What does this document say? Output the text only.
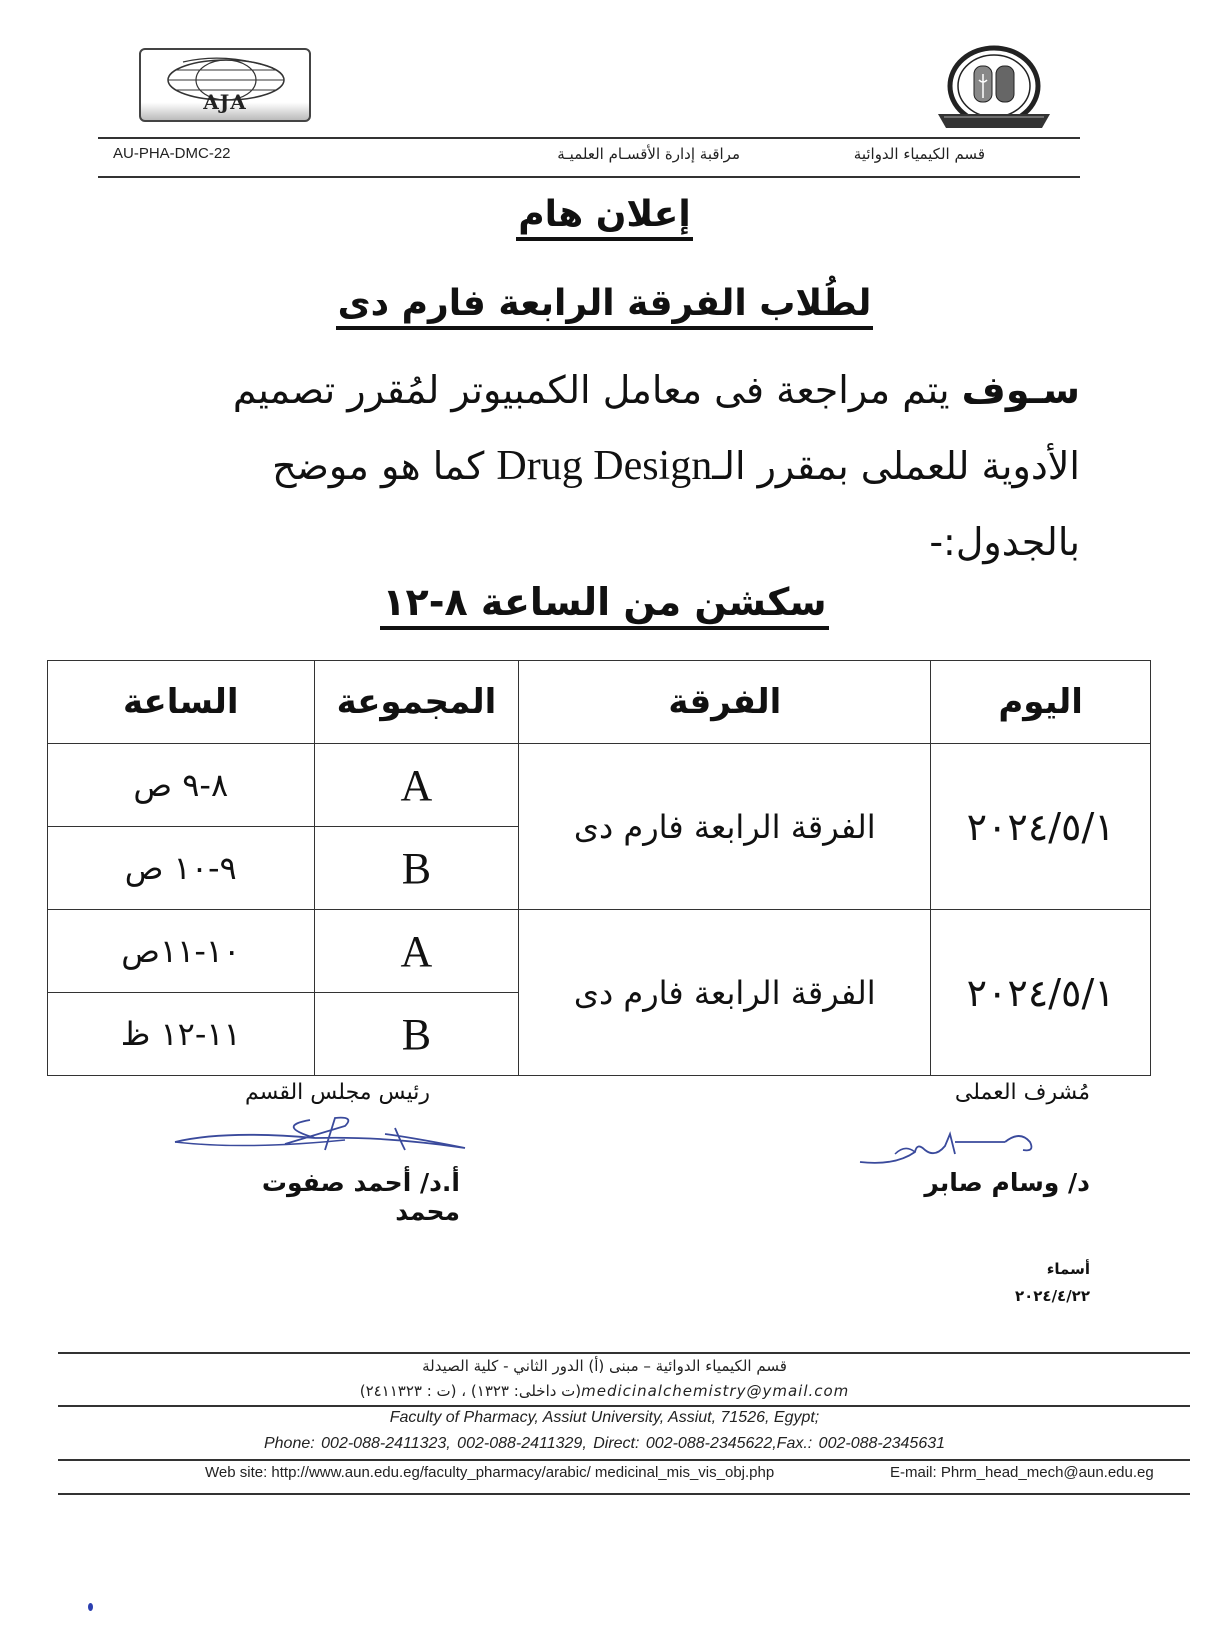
AJA
AU-PHA-DMC-22	مراقبة إدارة الأقسـام العلميـة	قسم الكيمياء الدوائية
إعلان هام
لطُلاب الفرقة الرابعة فارم دى
سـوف يتم مراجعة فى معامل الكمبيوتر لمُقرر تصميم
الأدوية للعملى بمقرر الـDrug Design كما هو موضح
بالجدول:-
سكشن من الساعة ٨-١٢
اليوم	الفرقة	المجموعة	الساعة
٢٠٢٤/٥/١	الفرقة الرابعة فارم دى	A	٨-٩ ص
		B	٩-١٠ ص
٢٠٢٤/٥/١	الفرقة الرابعة فارم دى	A	١٠-١١ص
		B	١١-١٢ ظ
مُشرف العملى
رئيس مجلس القسم
د/ وسام صابر
أ.د/ أحمد صفوت محمد
أسماء
٢٠٢٤/٤/٢٢
قسم الكيمياء الدوائية – مبنى (أ) الدور الثاني - كلية الصيدلة
(ت داخلى: ١٣٢٣) ، (ت : ٢٤١١٣٢٣)medicinalchemistry@ymail.com
Faculty of Pharmacy, Assiut University, Assiut, 71526, Egypt;
Phone: 002-088-2411323, 002-088-2411329, Direct: 002-088-2345622,Fax.: 002-088-2345631
Web site: http://www.aun.edu.eg/faculty_pharmacy/arabic/ medicinal_mis_vis_obj.php	E-mail: Phrm_head_mech@aun.edu.eg
